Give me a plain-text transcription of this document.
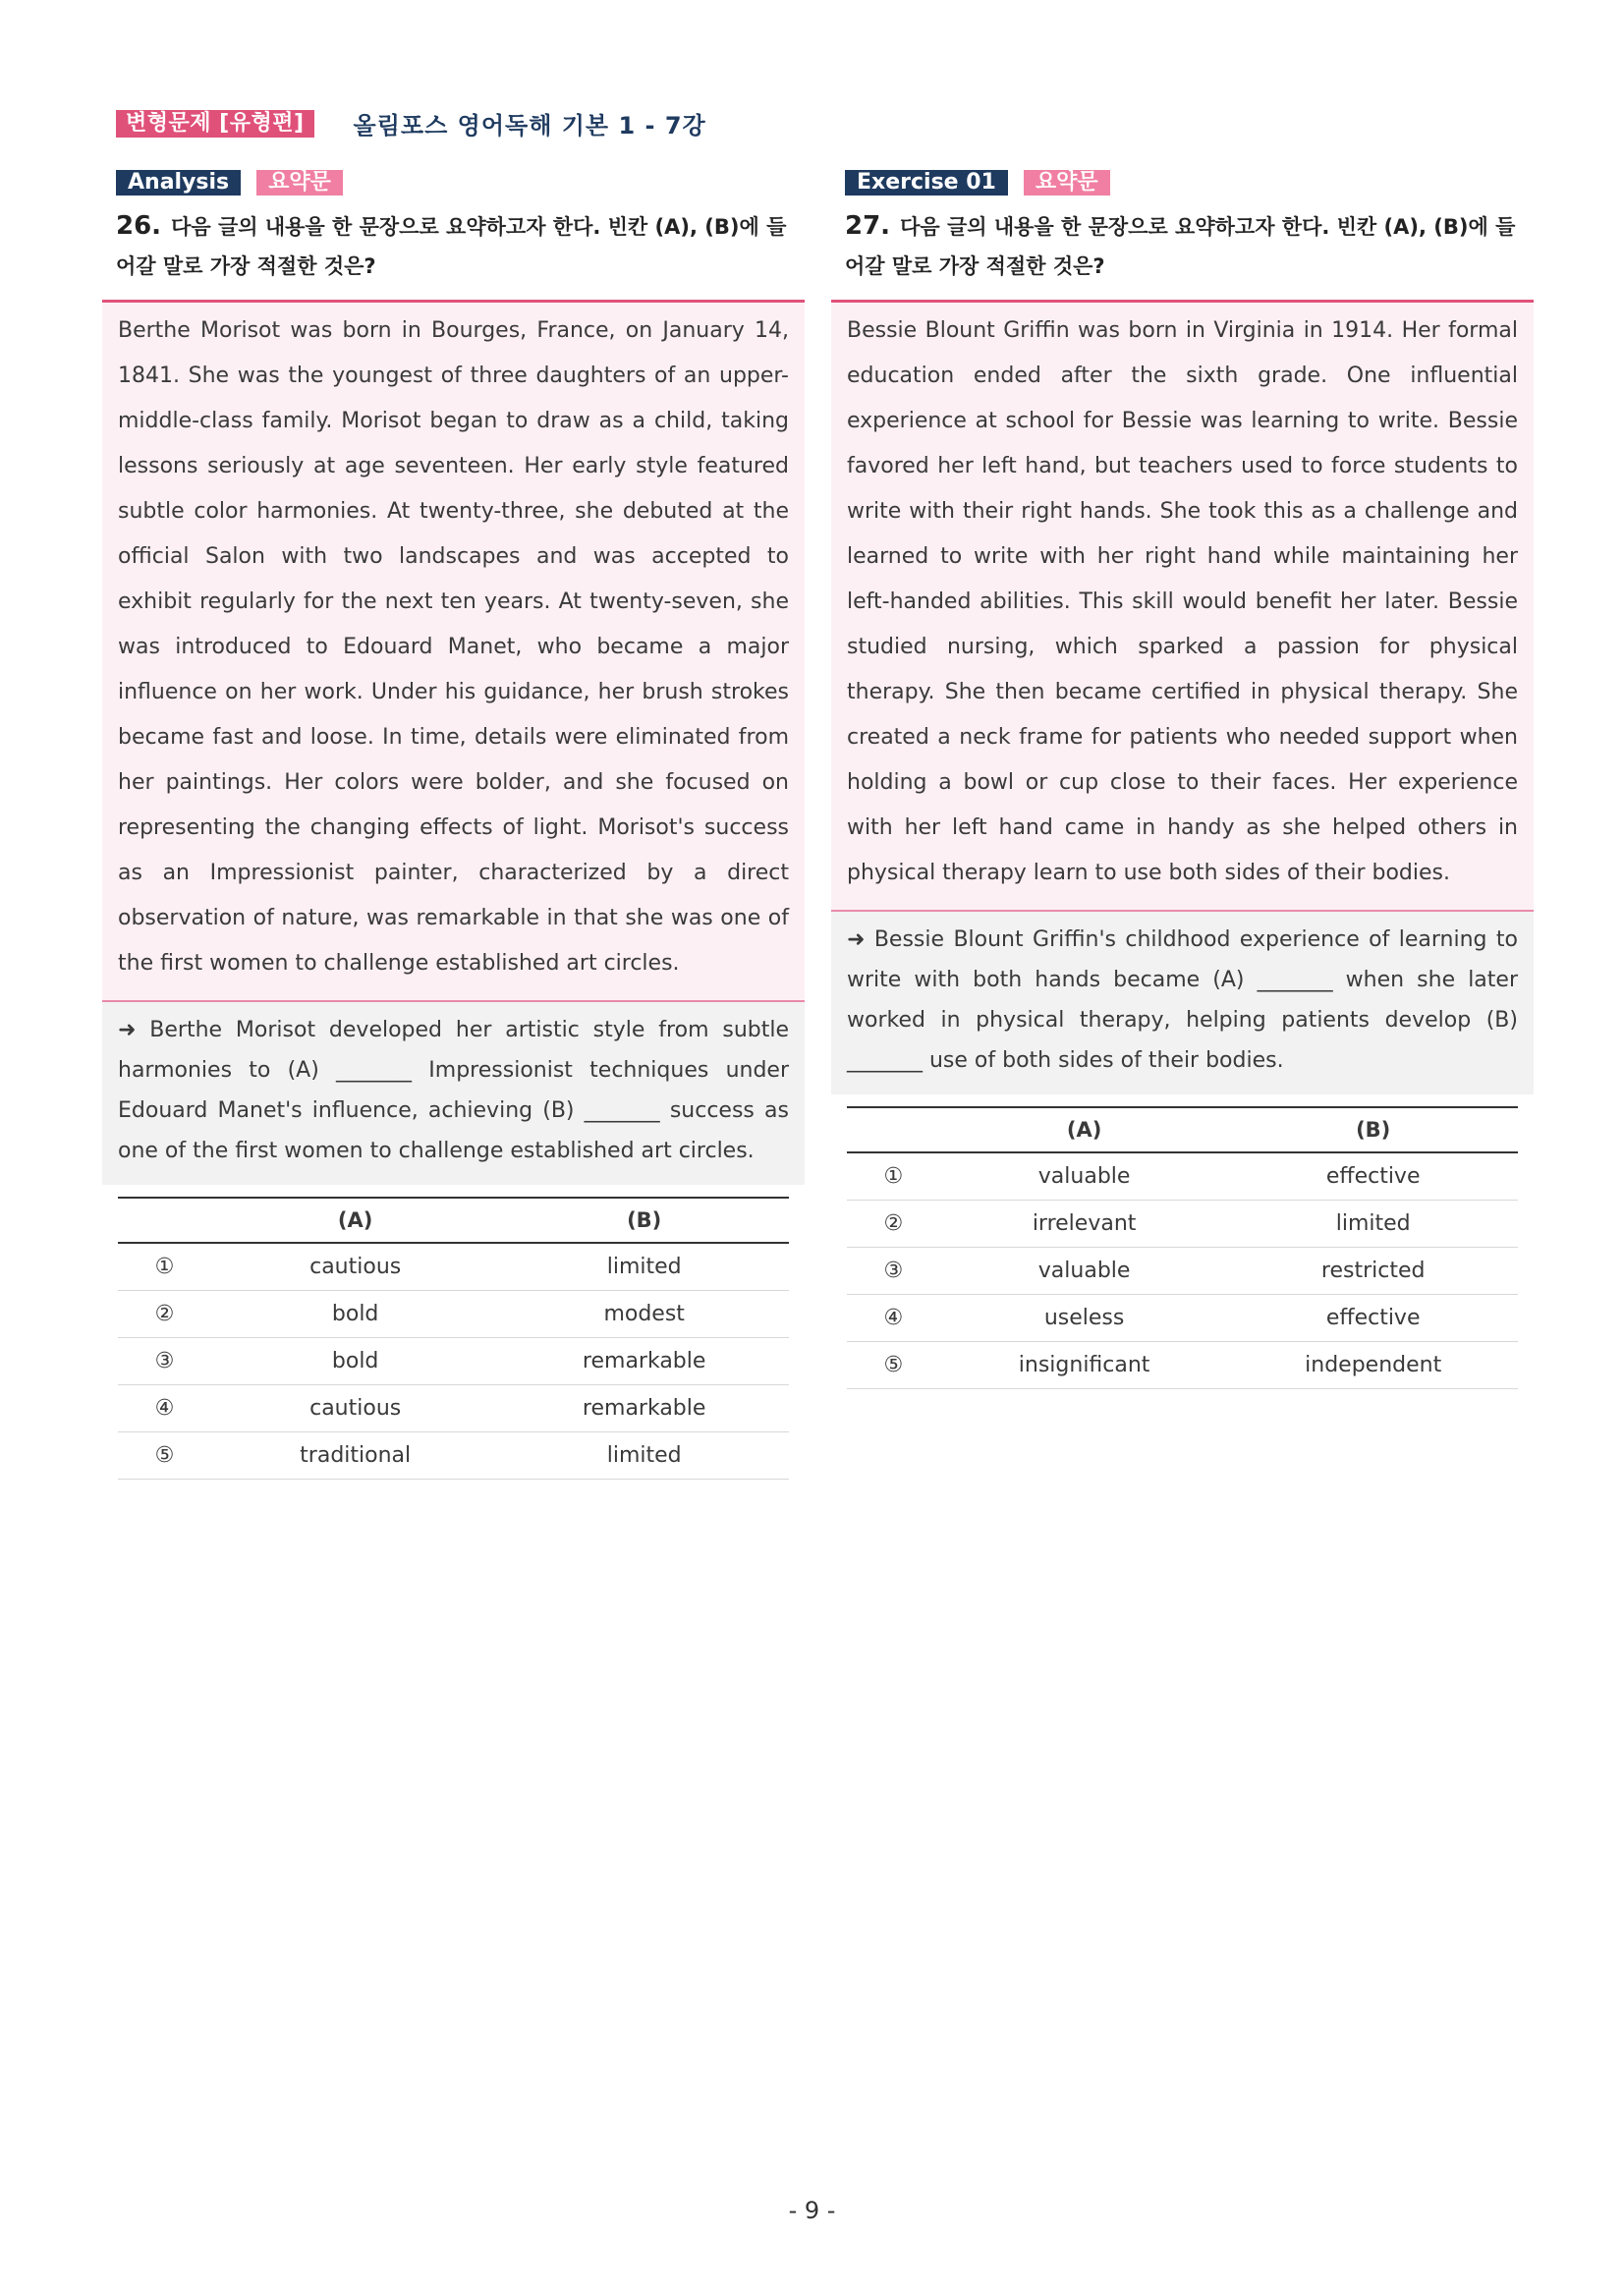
변형문제 [유형편]	올림포스 영어독해 기본 1 - 7강
Analysis	요약문
26. 다음 글의 내용을 한 문장으로 요약하고자 한다. 빈칸 (A), (B)에 들어갈 말로 가장 적절한 것은?
Berthe Morisot was born in Bourges, France, on January 14, 1841. She was the youngest of three daughters of an upper-middle-class family. Morisot began to draw as a child, taking lessons seriously at age seventeen. Her early style featured subtle color harmonies. At twenty-three, she debuted at the official Salon with two landscapes and was accepted to exhibit regularly for the next ten years. At twenty-seven, she was introduced to Edouard Manet, who became a major influence on her work. Under his guidance, her brush strokes became fast and loose. In time, details were eliminated from her paintings. Her colors were bolder, and she focused on representing the changing effects of light. Morisot's success as an Impressionist painter, characterized by a direct observation of nature, was remarkable in that she was one of the first women to challenge established art circles.
➜ Berthe Morisot developed her artistic style from subtle harmonies to (A) _______ Impressionist techniques under Edouard Manet's influence, achieving (B) _______ success as one of the first women to challenge established art circles.
	(A)	(B)
①	cautious	limited
②	bold	modest
③	bold	remarkable
④	cautious	remarkable
⑤	traditional	limited
Exercise 01	요약문
27. 다음 글의 내용을 한 문장으로 요약하고자 한다. 빈칸 (A), (B)에 들어갈 말로 가장 적절한 것은?
Bessie Blount Griffin was born in Virginia in 1914. Her formal education ended after the sixth grade. One influential experience at school for Bessie was learning to write. Bessie favored her left hand, but teachers used to force students to write with their right hands. She took this as a challenge and learned to write with her right hand while maintaining her left-handed abilities. This skill would benefit her later. Bessie studied nursing, which sparked a passion for physical therapy. She then became certified in physical therapy. She created a neck frame for patients who needed support when holding a bowl or cup close to their faces. Her experience with her left hand came in handy as she helped others in physical therapy learn to use both sides of their bodies.
➜ Bessie Blount Griffin's childhood experience of learning to write with both hands became (A) _______ when she later worked in physical therapy, helping patients develop (B) _______ use of both sides of their bodies.
	(A)	(B)
①	valuable	effective
②	irrelevant	limited
③	valuable	restricted
④	useless	effective
⑤	insignificant	independent
- 9 -
